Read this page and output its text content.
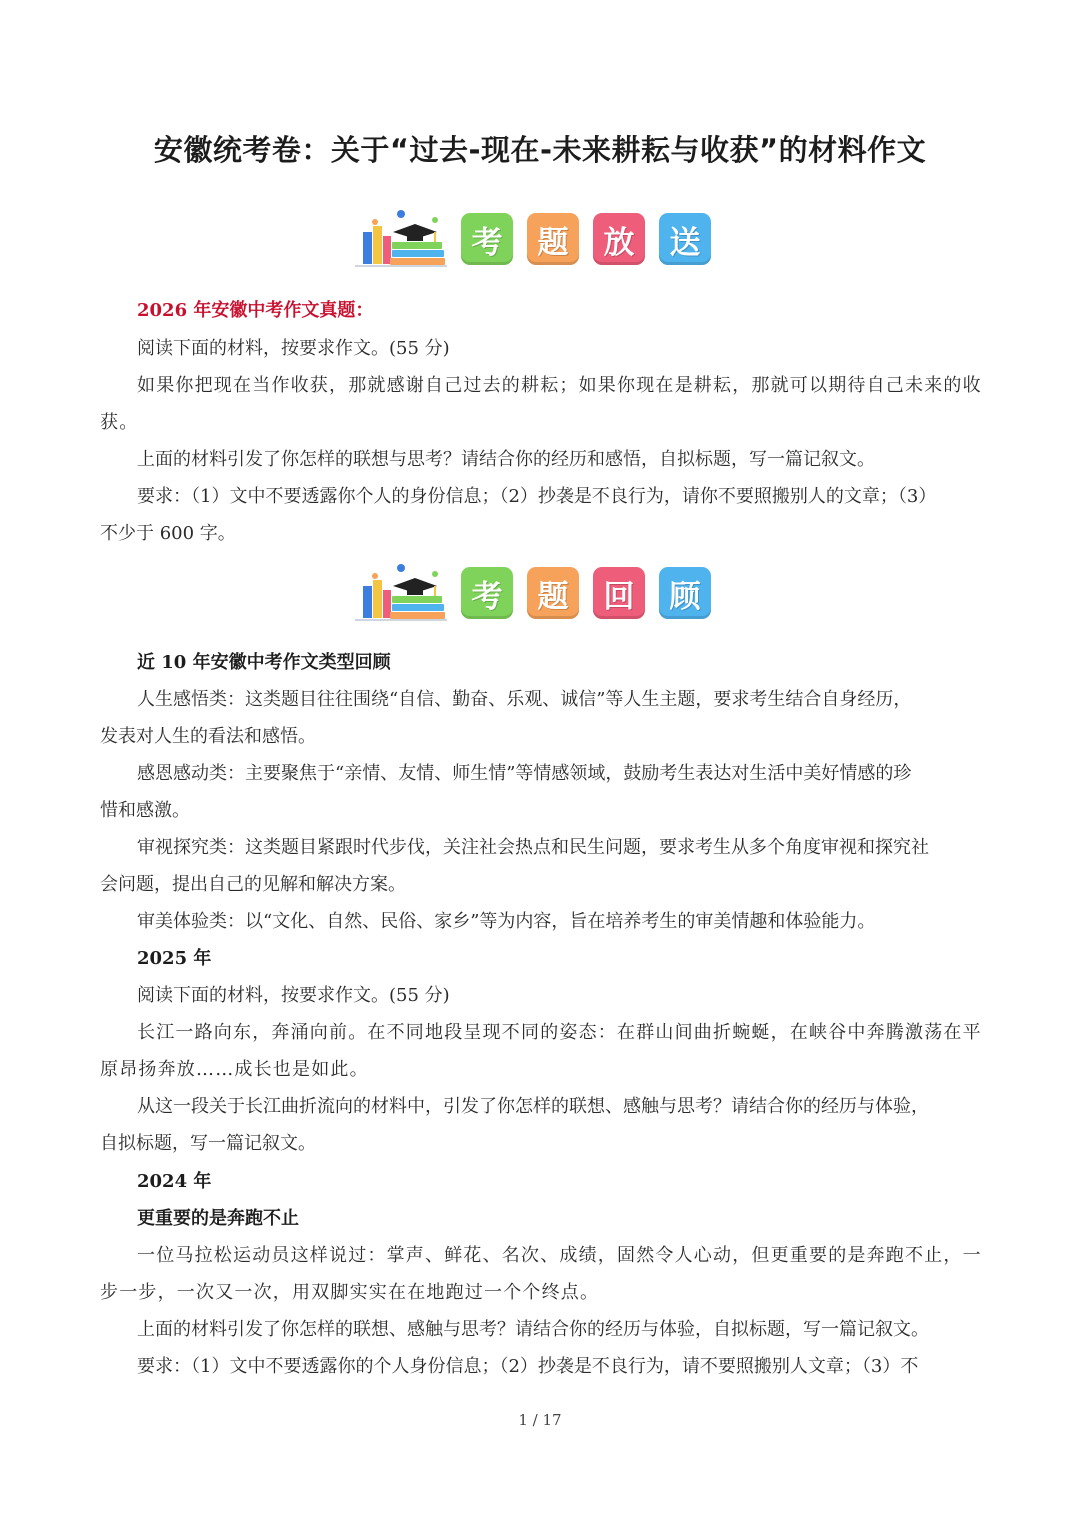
安徽统考卷：关于“过去-现在-未来耕耘与收获”的材料作文
考	题	放	送
2026 年安徽中考作文真题：
阅读下面的材料，按要求作文。(55 分)
如果你把现在当作收获，那就感谢自己过去的耕耘；如果你现在是耕耘，那就可以期待自己未来的收
获。
上面的材料引发了你怎样的联想与思考？请结合你的经历和感悟，自拟标题，写一篇记叙文。
要求：（1）文中不要透露你个人的身份信息；（2）抄袭是不良行为，请你不要照搬别人的文章；（3）
不少于 600 字。
考	题	回	顾
近 10 年安徽中考作文类型回顾
人生感悟类：这类题目往往围绕“自信、勤奋、乐观、诚信”等人生主题，要求考生结合自身经历，
发表对人生的看法和感悟。
感恩感动类：主要聚焦于“亲情、友情、师生情”等情感领域，鼓励考生表达对生活中美好情感的珍
惜和感激。
审视探究类：这类题目紧跟时代步伐，关注社会热点和民生问题，要求考生从多个角度审视和探究社
会问题，提出自己的见解和解决方案。
审美体验类：以“文化、自然、民俗、家乡”等为内容，旨在培养考生的审美情趣和体验能力。
2025 年
阅读下面的材料，按要求作文。(55 分)
长江一路向东，奔涌向前。在不同地段呈现不同的姿态：在群山间曲折蜿蜒，在峡谷中奔腾激荡在平
原昂扬奔放……成长也是如此。
从这一段关于长江曲折流向的材料中，引发了你怎样的联想、感触与思考？请结合你的经历与体验，
自拟标题，写一篇记叙文。
2024 年
更重要的是奔跑不止
一位马拉松运动员这样说过：掌声、鲜花、名次、成绩，固然令人心动，但更重要的是奔跑不止，一
步一步，一次又一次，用双脚实实在在地跑过一个个终点。
上面的材料引发了你怎样的联想、感触与思考？请结合你的经历与体验，自拟标题，写一篇记叙文。
要求：（1）文中不要透露你的个人身份信息；（2）抄袭是不良行为，请不要照搬别人文章；（3）不
1 / 17
